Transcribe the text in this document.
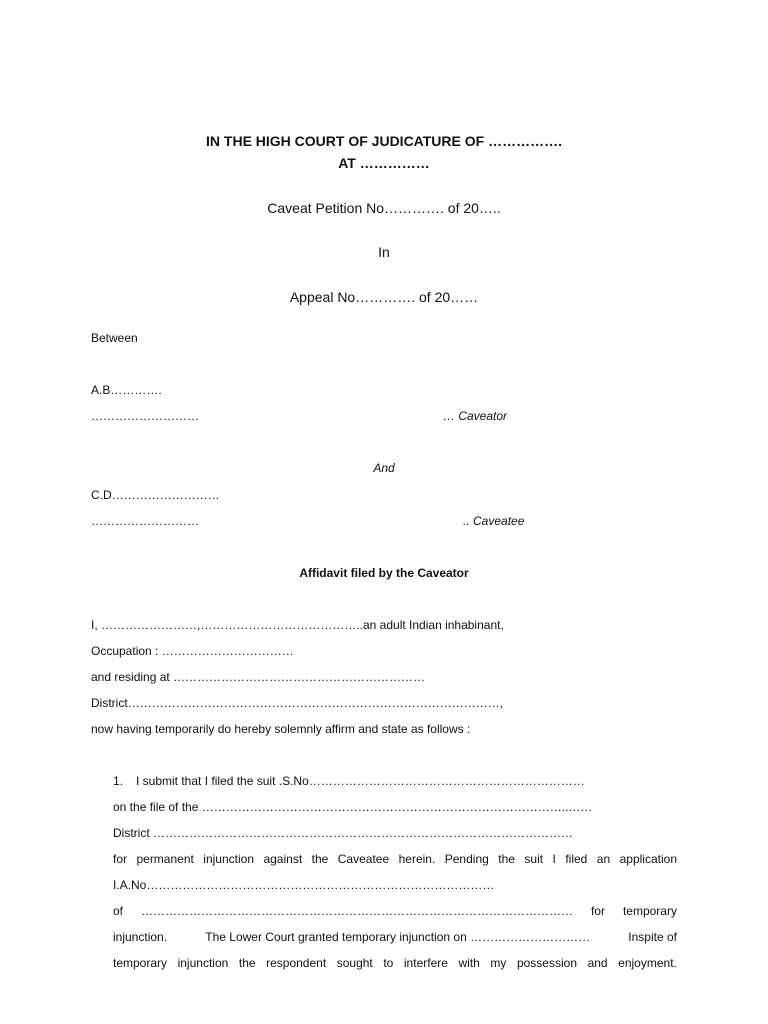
IN THE HIGH COURT OF JUDICATURE OF …………….
AT ……………
Caveat Petition No…………. of 20…..
In
Appeal No…………. of 20……
Between
A.B………….
………………………	… Caveator
And
C.D………………………
………………………	.. Caveatee
Affidavit filed by the Caveator
I, ……………………,…………………………………..an adult Indian inhabinant,
Occupation : ……………………………
and residing at ………………………………………………………
District…………………………………………………………………………………,
now having temporarily do hereby solemnly affirm and state as follows :
1. I submit that I filed the suit .S.No……………………………………………………………
on the file of the ………………………………………………………………………………..……
District ……………………………………………………………………………………………
for permanent injunction against the Caveatee herein. Pending the suit I filed an application
I.A.No……………………………………………………………………………
of ……………………………………………………………………………………………… for temporary
injunction.	The Lower Court granted temporary injunction on …………………………	Inspite of
temporary injunction the respondent sought to interfere with my possession and enjoyment.
